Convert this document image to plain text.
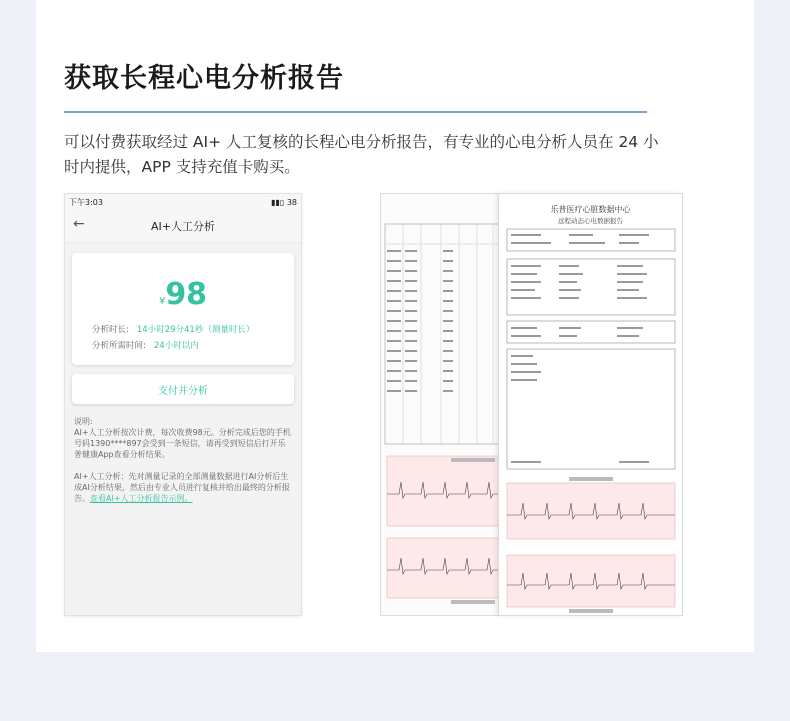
获取长程心电分析报告
可以付费获取经过 AI+ 人工复核的长程心电分析报告，有专业的心电分析人员在 24 小时内提供，APP 支持充值卡购买。
下午3:03	▮▮▯ 38
←	AI+人工分析
¥98
分析时长: 14小时29分41秒（测量时长）
分析所需时间: 24小时以内
支付并分析

说明:

AI+人工分析按次计费，每次收费98元。分析完成后您的手机号码1390****897会受到一条短信，请再受到短信后打开乐普健康App查看分析结果。

AI+人工分析：先对测量记录的全部测量数据进行AI分析后生成AI分析结果，然后由专业人员进行复核并给出最终的分析报告。查看AI+人工分析报告示例。

乐普医疗心脏数据中心
远程动态心电数据报告
